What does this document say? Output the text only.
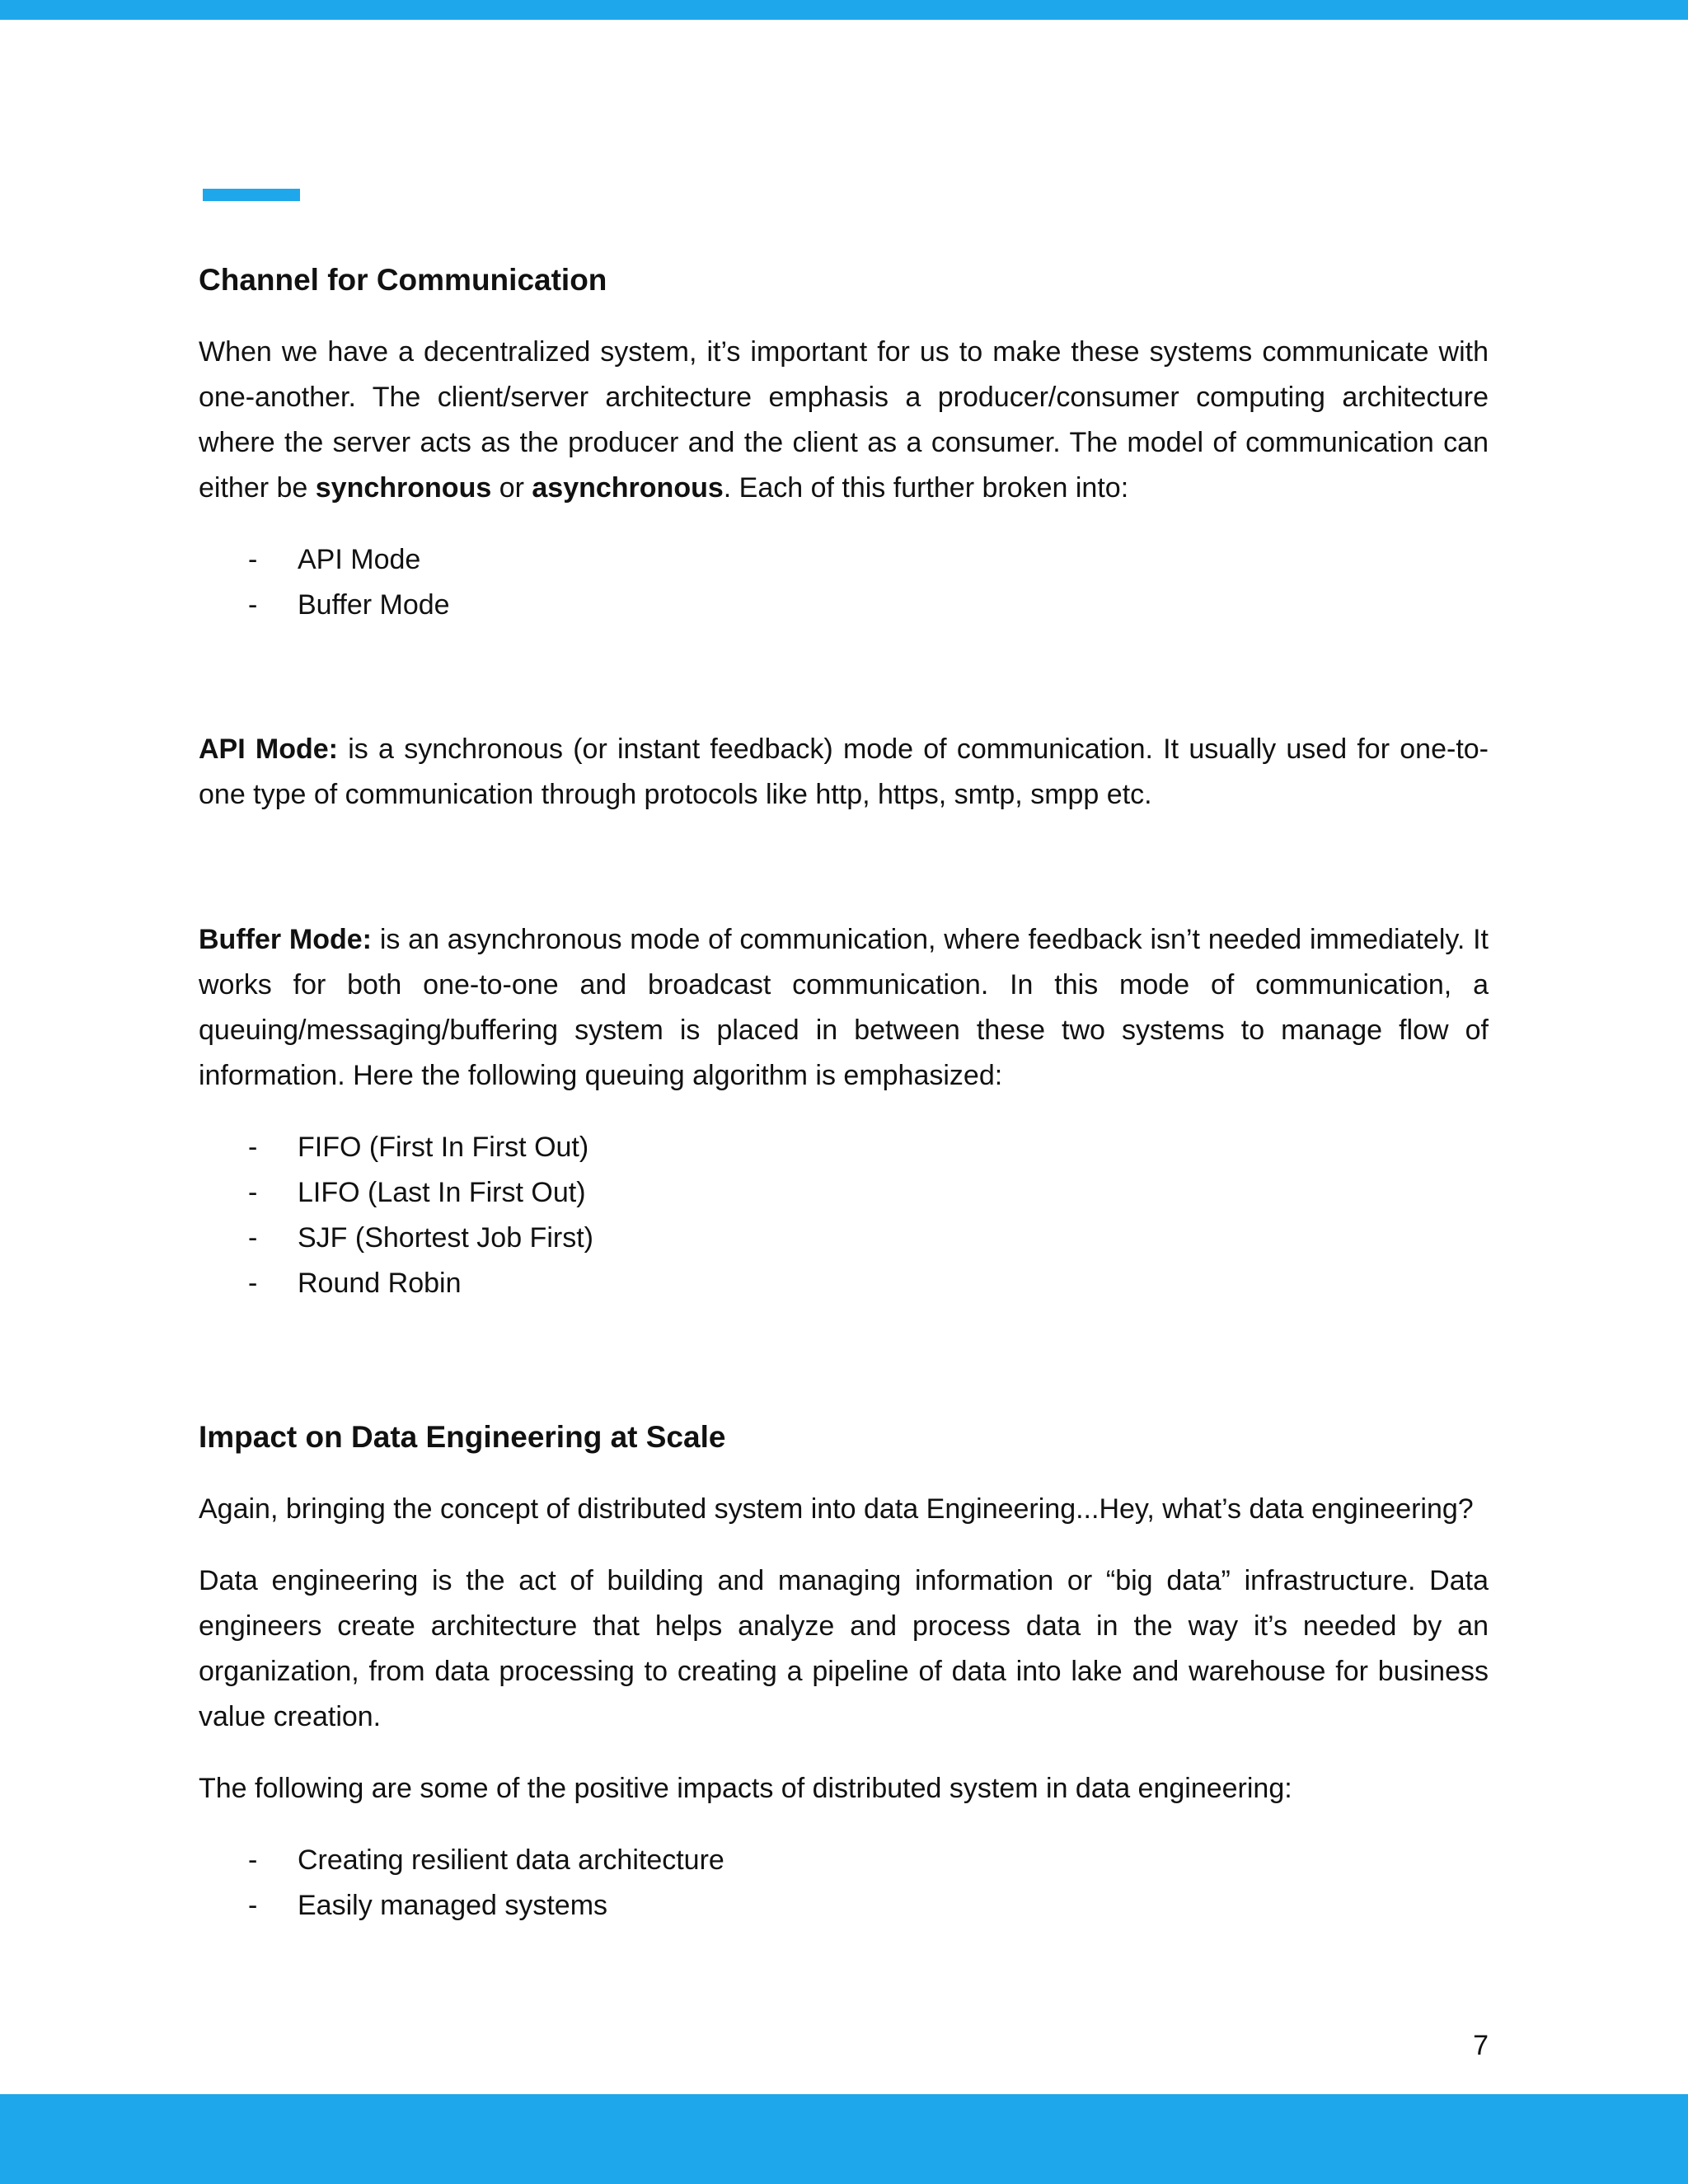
Channel for Communication

When we have a decentralized system, it’s important for us to make these systems communicate with one-another. The client/server architecture emphasis a producer/consumer computing architecture where the server acts as the producer and the client as a consumer. The model of communication can either be synchronous or asynchronous. Each of this further broken into:

- API Mode
- Buffer Mode

API Mode: is a synchronous (or instant feedback) mode of communication. It usually used for one-to-one type of communication through protocols like http, https, smtp, smpp etc.

Buffer Mode: is an asynchronous mode of communication, where feedback isn’t needed immediately. It works for both one-to-one and broadcast communication. In this mode of communication, a queuing/messaging/buffering system is placed in between these two systems to manage flow of information. Here the following queuing algorithm is emphasized:

- FIFO (First In First Out)
- LIFO (Last In First Out)
- SJF (Shortest Job First)
- Round Robin
Impact on Data Engineering at Scale

Again, bringing the concept of distributed system into data Engineering...Hey, what’s data engineering?

Data engineering is the act of building and managing information or “big data” infrastructure. Data engineers create architecture that helps analyze and process data in the way it’s needed by an organization, from data processing to creating a pipeline of data into lake and warehouse for business value creation.

The following are some of the positive impacts of distributed system in data engineering:

- Creating resilient data architecture
- Easily managed systems
7
